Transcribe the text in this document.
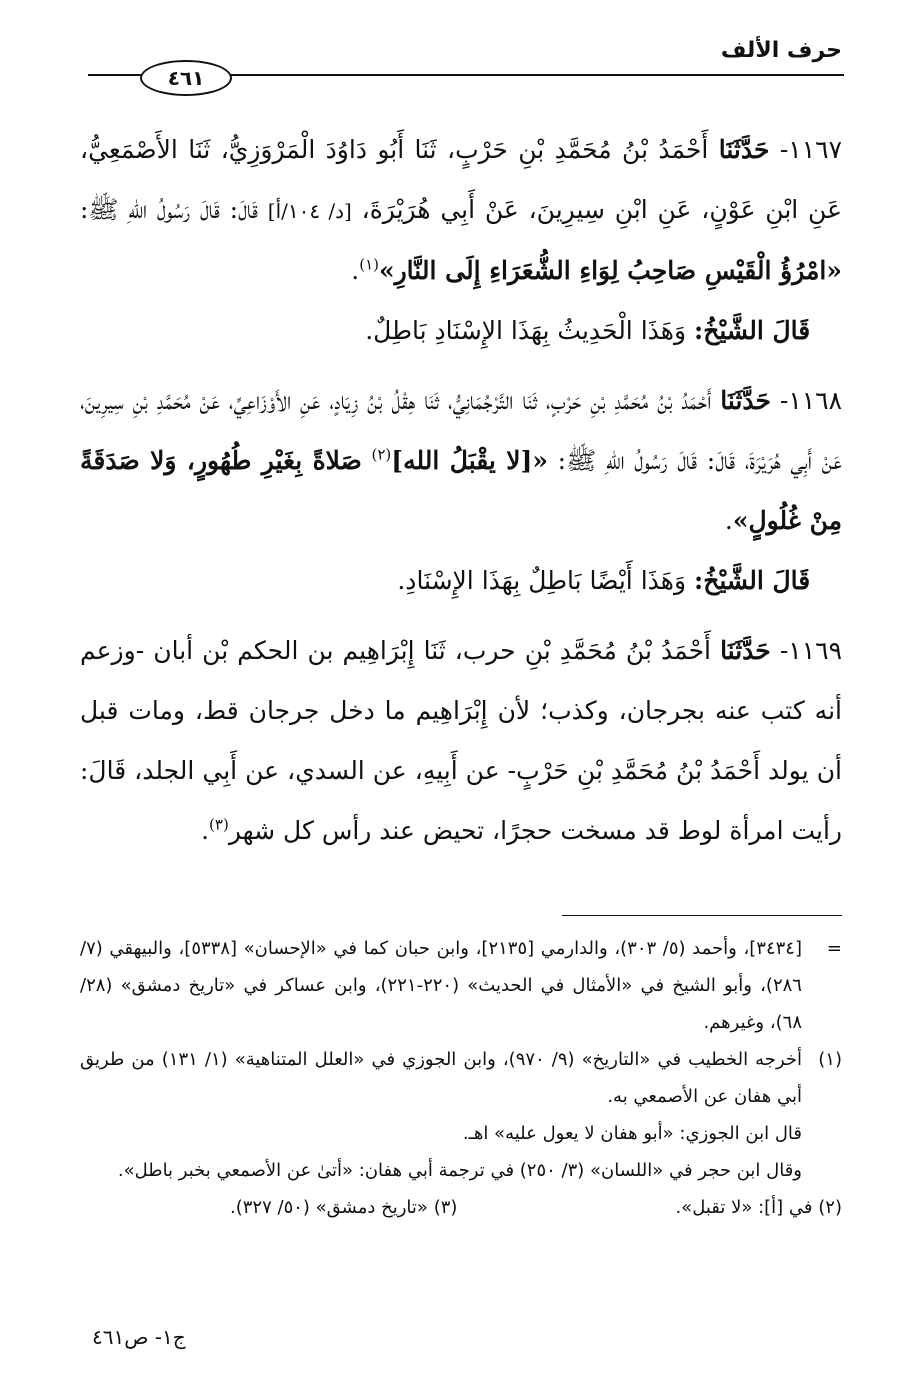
حرف الألف
٤٦١

١١٦٧- حَدَّثَنَا أَحْمَدُ بْنُ مُحَمَّدِ بْنِ حَرْبٍ، ثَنَا أَبُو دَاوُدَ الْمَرْوَزِيُّ، ثَنَا الأَصْمَعِيُّ، عَنِ ابْنِ عَوْنٍ، عَنِ ابْنِ سِيرِينَ، عَنْ أَبِي هُرَيْرَةَ، [د/ ١٠٤/أ] قَالَ: قَالَ رَسُولُ اللهِ ﷺ: «امْرُؤُ الْقَيْسِ صَاحِبُ لِوَاءِ الشُّعَرَاءِ إِلَى النَّارِ»$^{(١)}$.

قَالَ الشَّيْخُ: وَهَذَا الْحَدِيثُ بِهَذَا الإِسْنَادِ بَاطِلٌ.

١١٦٨- حَدَّثَنَا أَحْمَدُ بْنُ مُحَمَّدِ بْنِ حَرْبٍ، ثَنَا التَّرْجُمَانِيُّ، ثَنَا هِقْلُ بْنُ زِيَادٍ، عَنِ الأَوْزَاعِيِّ، عَنْ مُحَمَّدِ بْنِ سِيرِينَ، عَنْ أَبِي هُرَيْرَةَ، قَالَ: قَالَ رَسُولُ اللهِ ﷺ: «[لا يقْبَلُ الله]$^{(٢)}$ صَلاةً بِغَيْرِ طُهُورٍ، وَلا صَدَقَةً مِنْ غُلُولٍ».

قَالَ الشَّيْخُ: وَهَذَا أَيْضًا بَاطِلٌ بِهَذَا الإِسْنَادِ.

١١٦٩- حَدَّثَنَا أَحْمَدُ بْنُ مُحَمَّدِ بْنِ حرب، ثَنَا إِبْرَاهِيم بن الحكم بْن أبان -وزعم أنه كتب عنه بجرجان، وكذب؛ لأن إِبْرَاهِيم ما دخل جرجان قط، ومات قبل أن يولد أَحْمَدُ بْنُ مُحَمَّدِ بْنِ حَرْبٍ- عن أَبِيهِ، عن السدي، عن أَبِي الجلد، قَالَ: رأيت امرأة لوط قد مسخت حجرًا، تحيض عند رأس كل شهر$^{(٣)}$.

=
[٣٤٣٤]، وأحمد (٥/ ٣٠٣)، والدارمي [٢١٣٥]، وابن حبان كما في «الإحسان» [٥٣٣٨]، والبيهقي (٧/ ٢٨٦)، وأبو الشيخ في «الأمثال في الحديث» (٢٢٠-٢٢١)، وابن عساكر في «تاريخ دمشق» (٢٨/ ٦٨)، وغيرهم.

(١)
أخرجه الخطيب في «التاريخ» (٩/ ٩٧٠)، وابن الجوزي في «العلل المتناهية» (١/ ١٣١) من طريق أبي هفان عن الأصمعي به.

قال ابن الجوزي: «أبو هفان لا يعول عليه» اهـ.

وقال ابن حجر في «اللسان» (٣/ ٢٥٠) في ترجمة أبي هفان: «أتىٰ عن الأصمعي بخبر باطل».

(٢) في [أ]: «لا تقبل».
(٣) «تاريخ دمشق» (٥٠/ ٣٢٧).
ج١- ص٤٦١
